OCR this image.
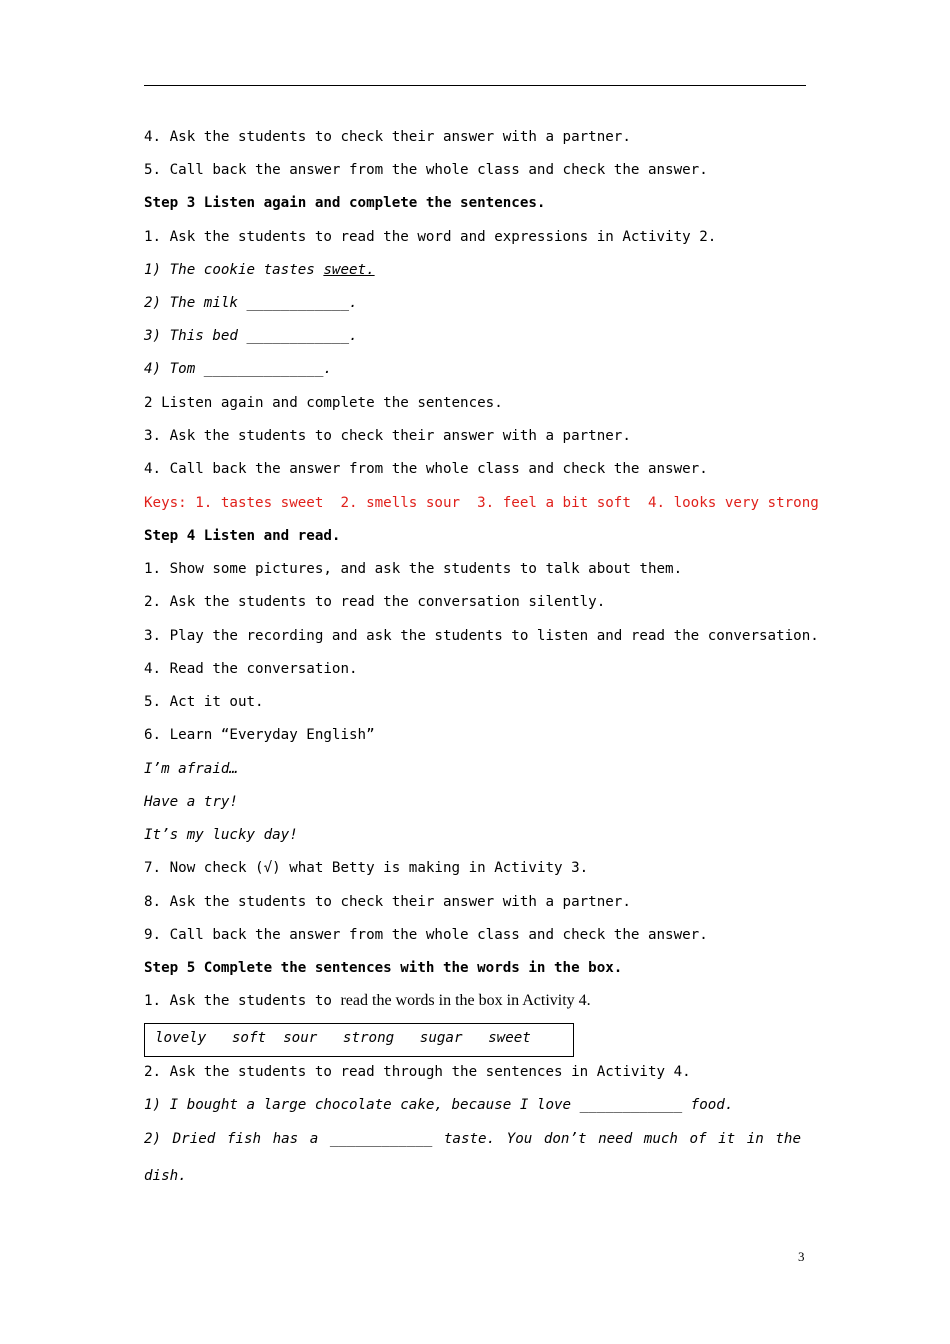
4. Ask the students to check their answer with a partner.
5. Call back the answer from the whole class and check the answer.
Step 3 Listen again and complete the sentences.
1. Ask the students to read the word and expressions in Activity 2.
1) The cookie tastes sweet.
2) The milk ____________.
3) This bed ____________.
4) Tom ______________.
2 Listen again and complete the sentences.
3. Ask the students to check their answer with a partner.
4. Call back the answer from the whole class and check the answer.
Keys: 1. tastes sweet  2. smells sour  3. feel a bit soft  4. looks very strong
Step 4 Listen and read.
1. Show some pictures, and ask the students to talk about them.
2. Ask the students to read the conversation silently.
3. Play the recording and ask the students to listen and read the conversation.
4. Read the conversation.
5. Act it out.
6. Learn “Everyday English”
I’m afraid…
Have a try!
It’s my lucky day!
7. Now check (√) what Betty is making in Activity 3.
8. Ask the students to check their answer with a partner.
9. Call back the answer from the whole class and check the answer.
Step 5 Complete the sentences with the words in the box.
1. Ask the students to read the words in the box in Activity 4.
lovely   soft  sour   strong   sugar   sweet
2. Ask the students to read through the sentences in Activity 4.
1) I bought a large chocolate cake, because I love ____________ food.
2) Dried fish has a ____________ taste. You don’t need much of it in the
dish.
3
